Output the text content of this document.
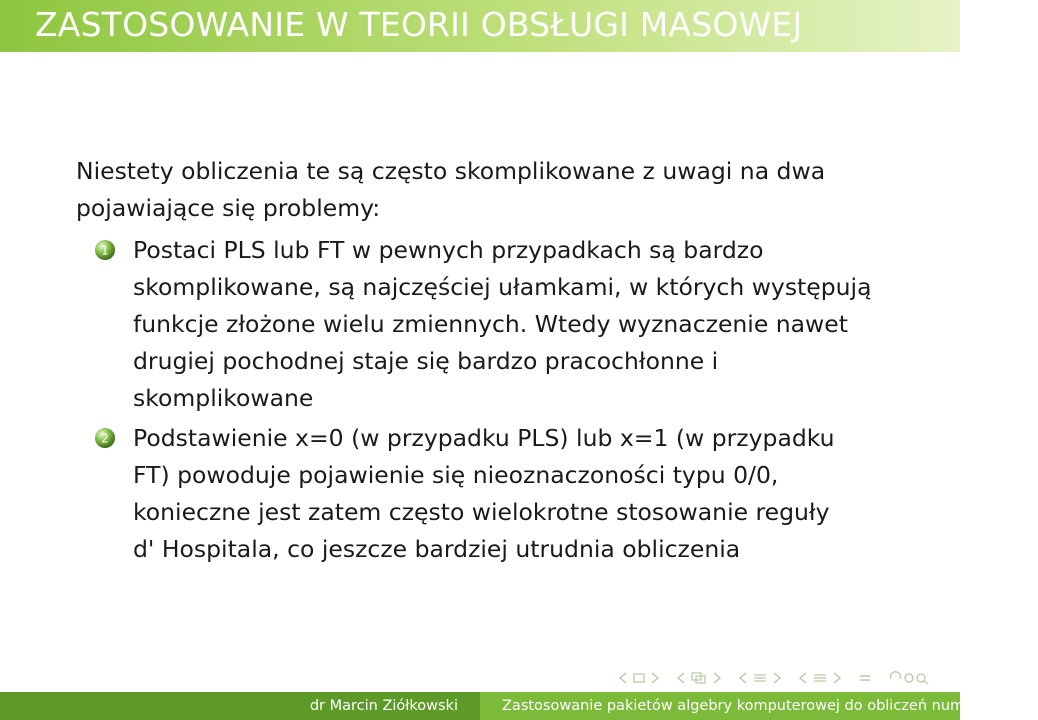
ZASTOSOWANIE W TEORII OBSŁUGI MASOWEJ
Niestety obliczenia te są często skomplikowane z uwagi na dwa
pojawiające się problemy:
1 Postaci PLS lub FT w pewnych przypadkach są bardzo
skomplikowane, są najczęściej ułamkami, w których występują
funkcje złożone wielu zmiennych. Wtedy wyznaczenie nawet
drugiej pochodnej staje się bardzo pracochłonne i
skomplikowane
2 Podstawienie x=0 (w przypadku PLS) lub x=1 (w przypadku
FT) powoduje pojawienie się nieoznaczoności typu 0/0,
konieczne jest zatem często wielokrotne stosowanie reguły
d' Hospitala, co jeszcze bardziej utrudnia obliczenia
dr Marcin Ziółkowski	Zastosowanie pakietów algebry komputerowej do obliczeń numerycznych
